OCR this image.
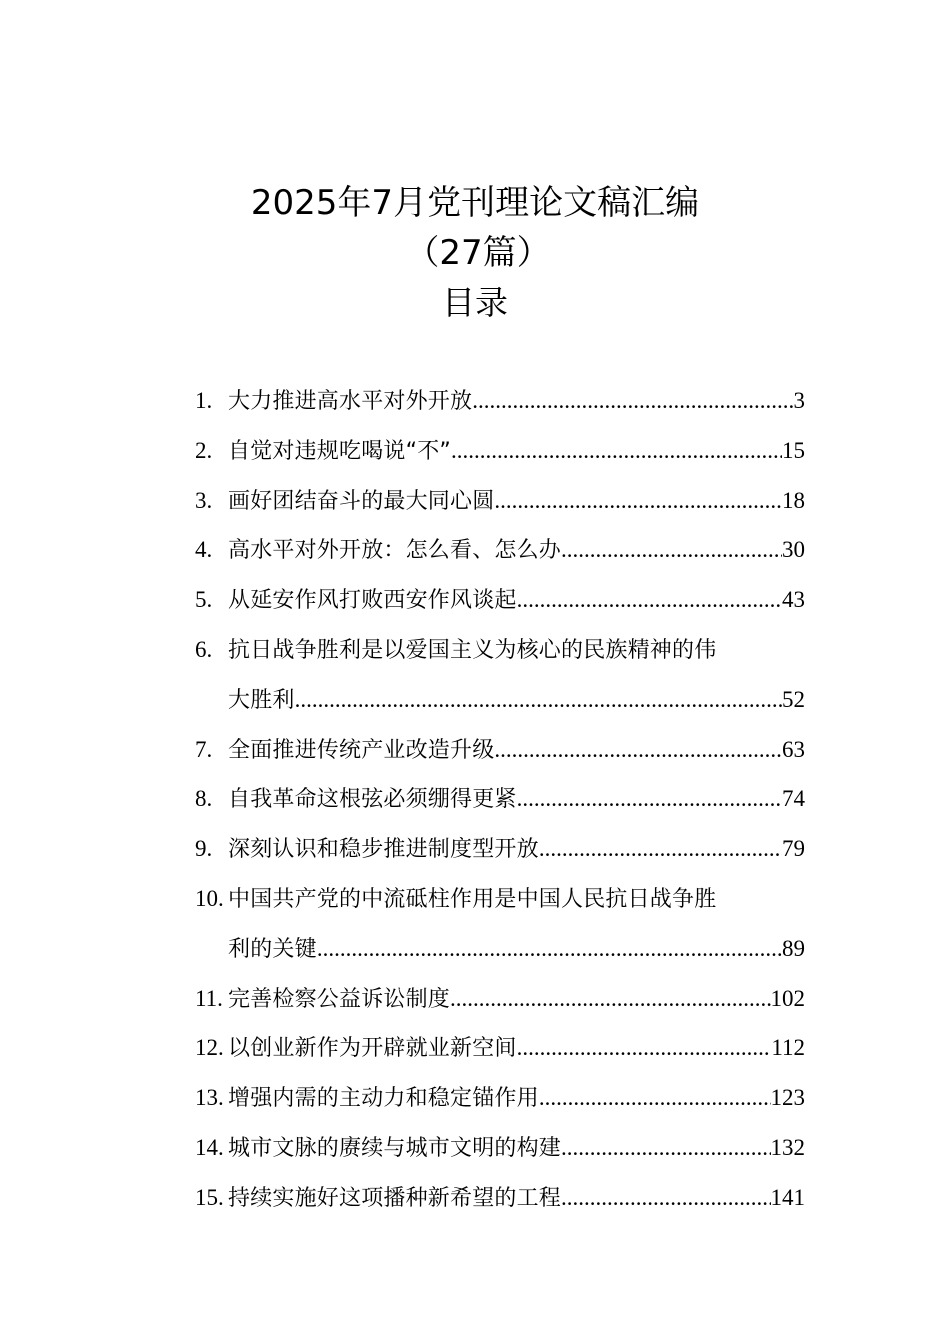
2025年7月党刊理论文稿汇编
（27篇）
目录
1. 大力推进高水平对外开放 .....	3
2. 自觉对违规吃喝说“不” .....	15
3. 画好团结奋斗的最大同心圆 .....	18
4. 高水平对外开放：怎么看、怎么办 .....	30
5. 从延安作风打败西安作风谈起 .....	43
6. 抗日战争胜利是以爱国主义为核心的民族精神的伟
大胜利 .....	52
7. 全面推进传统产业改造升级 .....	63
8. 自我革命这根弦必须绷得更紧 .....	74
9. 深刻认识和稳步推进制度型开放 .....	79
10. 中国共产党的中流砥柱作用是中国人民抗日战争胜
利的关键 .....	89
11. 完善检察公益诉讼制度 .....	102
12. 以创业新作为开辟就业新空间 .....	112
13. 增强内需的主动力和稳定锚作用 .....	123
14. 城市文脉的赓续与城市文明的构建 .....	132
15. 持续实施好这项播种新希望的工程 .....	141
